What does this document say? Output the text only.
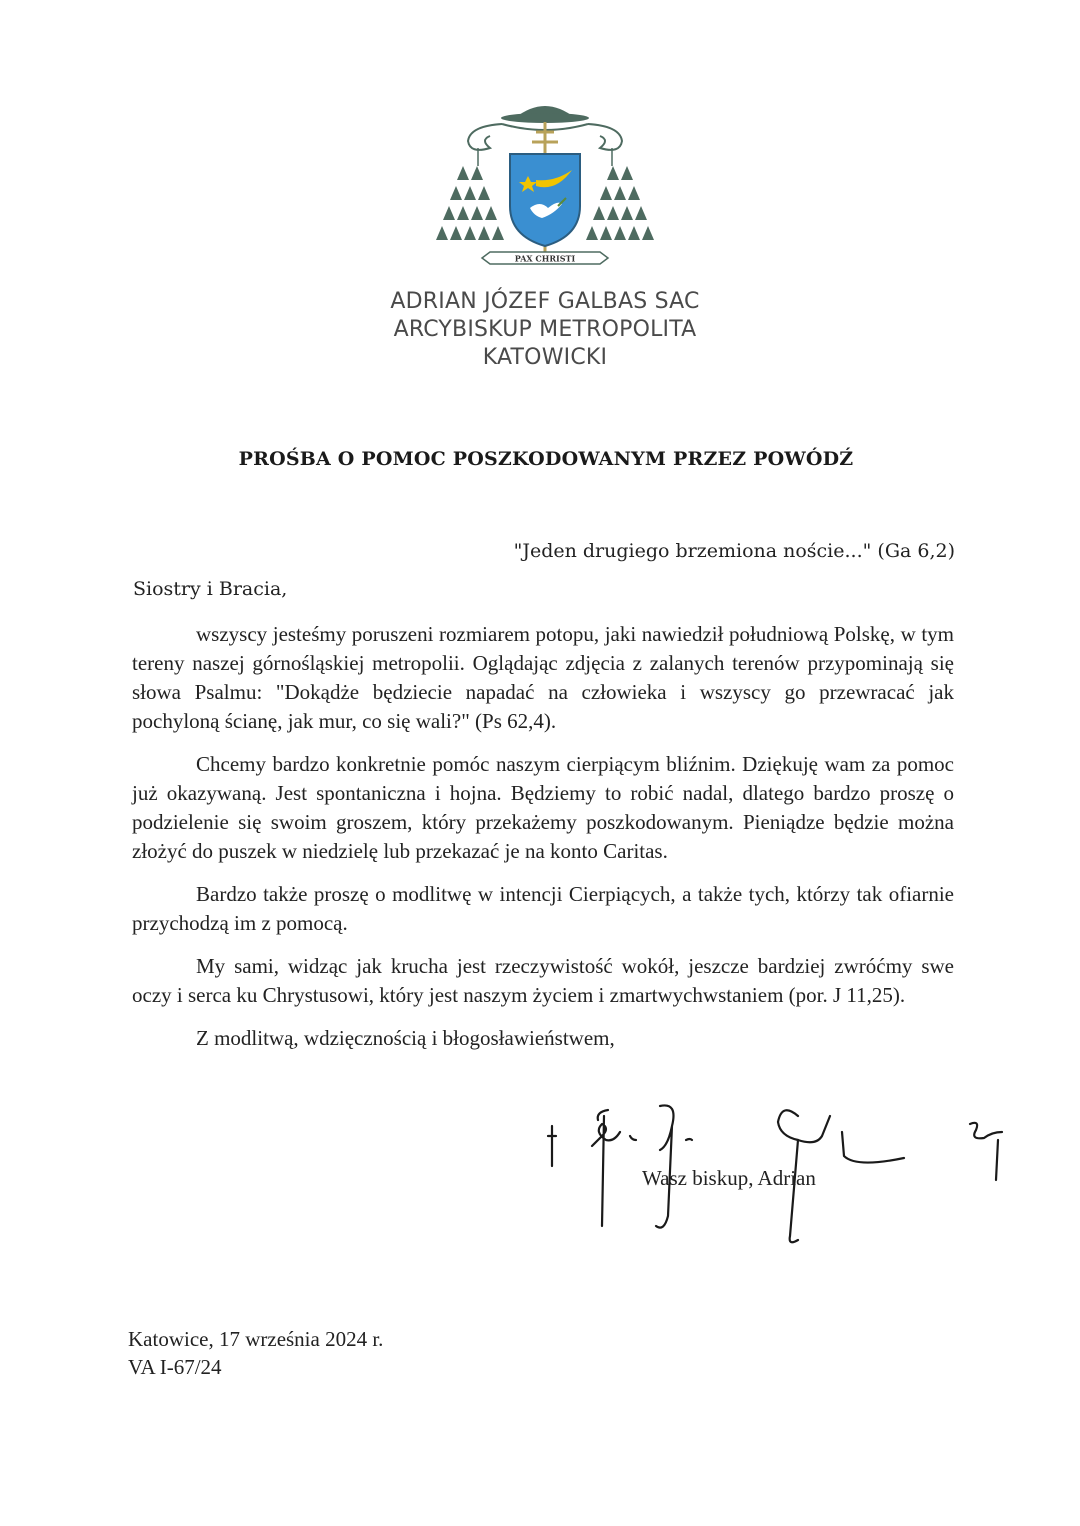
PAX CHRISTI
ADRIAN JÓZEF GALBAS SAC
ARCYBISKUP METROPOLITA
KATOWICKI
PROŚBA O POMOC POSZKODOWANYM PRZEZ POWÓDŹ
"Jeden drugiego brzemiona noście..." (Ga 6,2)
Siostry i Bracia,

wszyscy jesteśmy poruszeni rozmiarem potopu, jaki nawiedził południową Polskę, w tym tereny naszej górnośląskiej metropolii. Oglądając zdjęcia z zalanych terenów przypominają się słowa Psalmu: "Dokądże będziecie napadać na człowieka i wszyscy go przewracać jak pochyloną ścianę, jak mur, co się wali?" (Ps 62,4).

Chcemy bardzo konkretnie pomóc naszym cierpiącym bliźnim. Dziękuję wam za pomoc już okazywaną. Jest spontaniczna i hojna. Będziemy to robić nadal, dlatego bardzo proszę o podzielenie się swoim groszem, który przekażemy poszkodowanym. Pieniądze będzie można złożyć do puszek w niedzielę lub przekazać je na konto Caritas.

Bardzo także proszę o modlitwę w intencji Cierpiących, a także tych, którzy tak ofiarnie przychodzą im z pomocą.

My sami, widząc jak krucha jest rzeczywistość wokół, jeszcze bardziej zwróćmy swe oczy i serca ku Chrystusowi, który jest naszym życiem i zmartwychwstaniem (por. J 11,25).

Z modlitwą, wdzięcznością i błogosławieństwem,

Wasz biskup, Adrian
Katowice, 17 września 2024 r.
VA I-67/24
